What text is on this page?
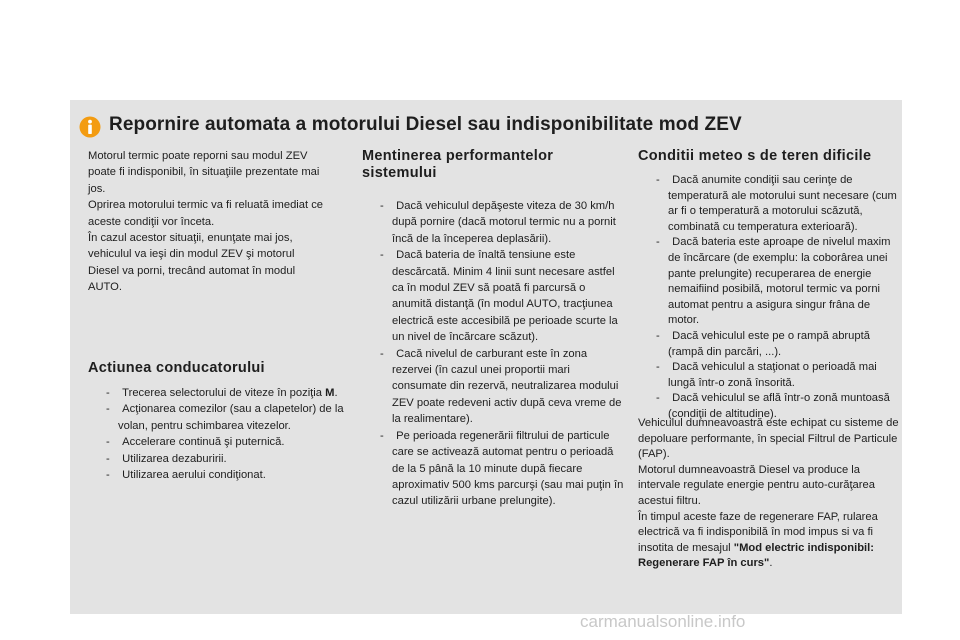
Repornire automata a motorului Diesel sau indisponibilitate mod ZEV

Motorul termic poate reporni sau modul ZEV poate fi indisponibil, în situaţiile prezentate mai jos.

Oprirea motorului termic va fi reluată imediat ce aceste condiţii vor înceta.

În cazul acestor situaţii, enunţate mai jos, vehiculul va ieşi din modul ZEV şi motorul Diesel va porni, trecând automat în modul AUTO.

Actiunea conducatorului
-    Trecerea selectorului de viteze în poziţia M.
-    Acţionarea comezilor (sau a clapetelor) de la volan, pentru schimbarea vitezelor.
-    Accelerare continuă şi puternică.
-    Utilizarea dezaburirii.
-    Utilizarea aerului condiţionat.
Mentinerea performantelor sistemului
-    Dacă vehiculul depăşeste viteza de 30 km/h după pornire (dacă motorul termic nu a pornit încă de la începerea deplasării).
-    Dacă bateria de înaltă tensiune este descărcată. Minim 4 linii sunt necesare astfel ca în modul ZEV să poată fi parcursă o anumită distanţă (în modul AUTO, tracţiunea electrică este accesibilă pe perioade scurte la un nivel de încărcare scăzut).
-    Cacă nivelul de carburant este în zona rezervei (în cazul unei proportii mari consumate din rezervă, neutralizarea modului ZEV poate redeveni activ după ceva vreme de la realimentare).
-    Pe perioada regenerării filtrului de particule care se activează automat pentru o perioadă de la 5 până la 10 minute după fiecare aproximativ 500 kms parcurşi (sau mai puţin în cazul utilizării urbane prelungite).
Conditii meteo s de teren dificile
-    Dacă anumite condiţii sau cerinţe de temperatură ale motorului sunt necesare (cum ar fi o temperatură a motorului scăzută, combinată cu temperatura exterioară).
-    Dacă bateria este aproape de nivelul maxim de încărcare (de exemplu: la coborârea unei pante prelungite) recuperarea de energie nemaifiind posibilă, motorul termic va porni automat pentru a asigura singur frâna de motor.
-    Dacă vehiculul este pe o rampă abruptă (rampă din parcări, ...).
-    Dacă vehiculul a staţionat o perioadă mai lungă într-o zonă însorită.
-    Dacă vehiculul se află într-o zonă muntoasă (condiţii de altitudine).

Vehiculul dumneavoastră este echipat cu sisteme de depoluare performante, în special Filtrul de Particule (FAP).

Motorul dumneavoastră Diesel va produce la intervale regulate energie pentru auto-curăţarea acestui filtru.

În timpul aceste faze de regenerare FAP, rularea electrică va fi indisponibilă în mod impus si va fi insotita de mesajul "Mod electric indisponibil: Regenerare FAP în curs".

carmanualsonline.info
